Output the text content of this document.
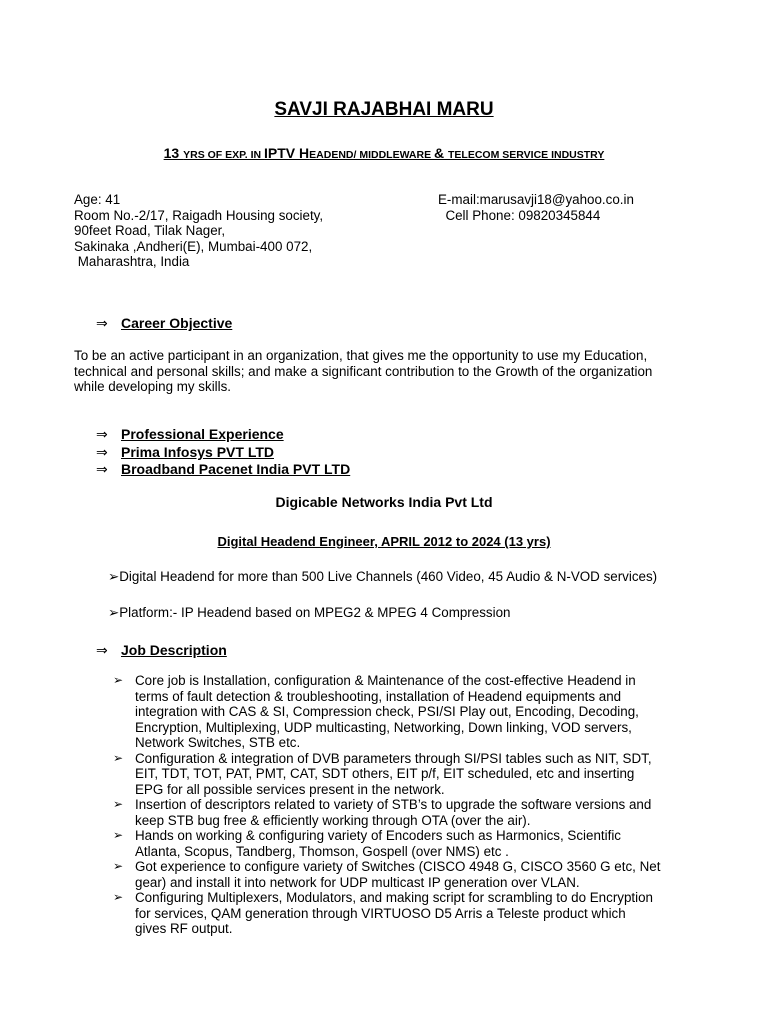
SAVJI RAJABHAI MARU
13 YRS OF EXP. IN IPTV HEADEND/ MIDDLEWARE & TELECOM SERVICE INDUSTRY
Age: 41
Room No.-2/17, Raigadh Housing society,
90feet Road, Tilak Nager,
Sakinaka ,Andheri(E), Mumbai-400 072,
Maharashtra, India
E-mail:marusavji18@yahoo.co.in
Cell Phone: 09820345844
⇒ Career Objective
To be an active participant in an organization, that gives me the opportunity to use my Education,
technical and personal skills; and make a significant contribution to the Growth of the organization
while developing my skills.
⇒ Professional Experience
⇒ Prima Infosys PVT LTD
⇒ Broadband Pacenet India PVT LTD
Digicable Networks India Pvt Ltd
Digital Headend Engineer, APRIL 2012 to 2024 (13 yrs)
➢Digital Headend for more than 500 Live Channels (460 Video, 45 Audio & N-VOD services)
➢Platform:- IP Headend based on MPEG2 & MPEG 4 Compression
⇒ Job Description
➢ Core job is Installation, configuration & Maintenance of the cost-effective Headend in
terms of fault detection & troubleshooting, installation of Headend equipments and
integration with CAS & SI, Compression check, PSI/SI Play out, Encoding, Decoding,
Encryption, Multiplexing, UDP multicasting, Networking, Down linking, VOD servers,
Network Switches, STB etc.
➢ Configuration & integration of DVB parameters through SI/PSI tables such as NIT, SDT,
EIT, TDT, TOT, PAT, PMT, CAT, SDT others, EIT p/f, EIT scheduled, etc and inserting
EPG for all possible services present in the network.
➢ Insertion of descriptors related to variety of STB’s to upgrade the software versions and
keep STB bug free & efficiently working through OTA (over the air).
➢ Hands on working & configuring variety of Encoders such as Harmonics, Scientific
Atlanta, Scopus, Tandberg, Thomson, Gospell (over NMS) etc .
➢ Got experience to configure variety of Switches (CISCO 4948 G, CISCO 3560 G etc, Net
gear) and install it into network for UDP multicast IP generation over VLAN.
➢ Configuring Multiplexers, Modulators, and making script for scrambling to do Encryption
for services, QAM generation through VIRTUOSO D5 Arris a Teleste product which
gives RF output.
